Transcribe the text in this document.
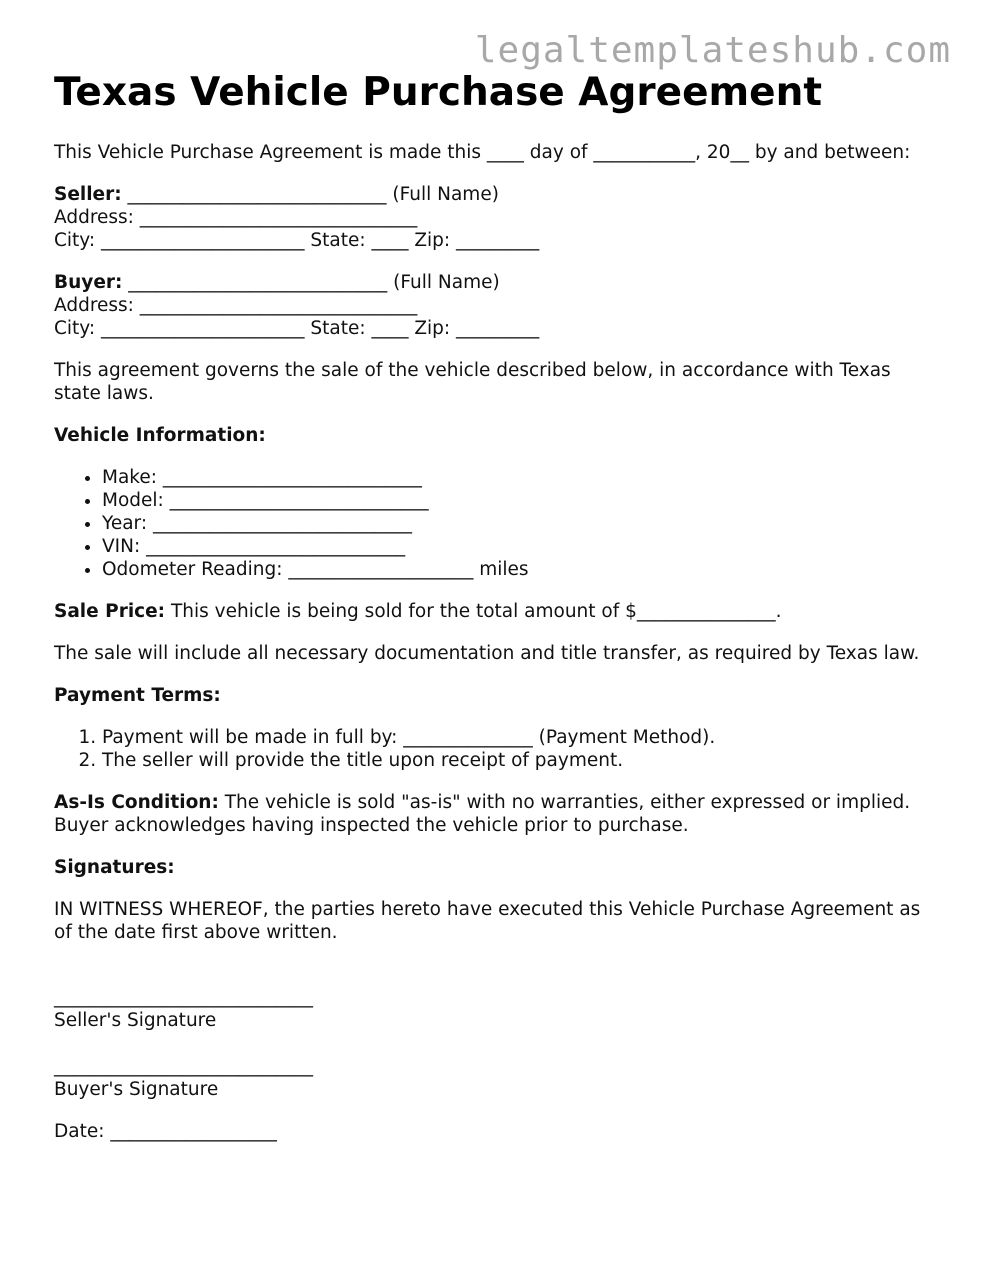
legaltemplateshub.com
Texas Vehicle Purchase Agreement

This Vehicle Purchase Agreement is made this ____ day of ___________, 20__ by and between:

Seller: ____________________________ (Full Name)
Address: ______________________________
City: ______________________ State: ____ Zip: _________
Buyer: ____________________________ (Full Name)
Address: ______________________________
City: ______________________ State: ____ Zip: _________

This agreement governs the sale of the vehicle described below, in accordance with Texas state laws.

Vehicle Information:

• Make: ____________________________
• Model: ____________________________
• Year: ____________________________
• VIN: ____________________________
• Odometer Reading: ____________________ miles

Sale Price: This vehicle is being sold for the total amount of $_______________.

The sale will include all necessary documentation and title transfer, as required by Texas law.

Payment Terms:

1. Payment will be made in full by: ______________ (Payment Method).
2. The seller will provide the title upon receipt of payment.

As-Is Condition: The vehicle is sold "as-is" with no warranties, either expressed or implied. Buyer acknowledges having inspected the vehicle prior to purchase.

Signatures:

IN WITNESS WHEREOF, the parties hereto have executed this Vehicle Purchase Agreement as of the date first above written.

____________________________
Seller's Signature
____________________________
Buyer's Signature

Date: __________________
